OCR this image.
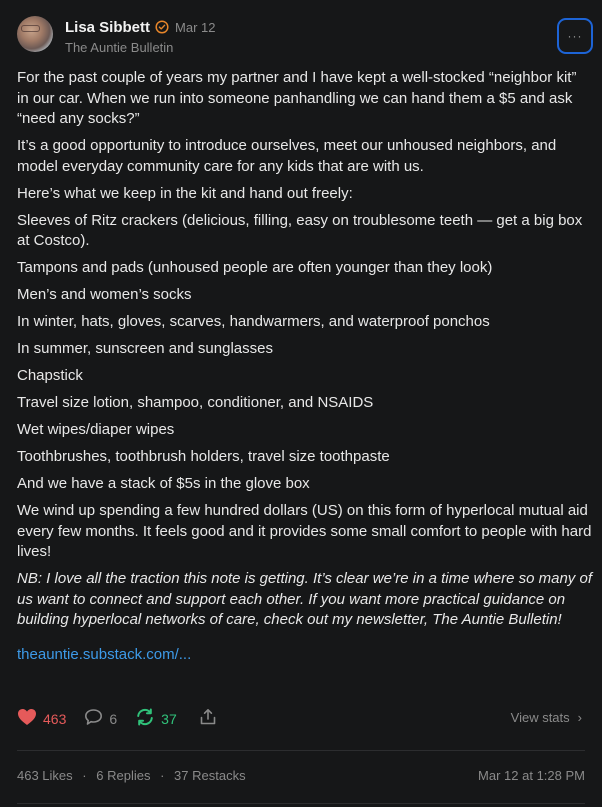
Lisa Sibbett Mar 12
The Auntie Bulletin
···

For the past couple of years my partner and I have kept a well-stocked “neighbor kit” in our car. When we run into someone panhandling we can hand them a $5 and ask “need any socks?”

It’s a good opportunity to introduce ourselves, meet our unhoused neighbors, and model everyday community care for any kids that are with us.

Here’s what we keep in the kit and hand out freely:

Sleeves of Ritz crackers (delicious, filling, easy on troublesome teeth — get a big box at Costco).

Tampons and pads (unhoused people are often younger than they look)

Men’s and women’s socks

In winter, hats, gloves, scarves, handwarmers, and waterproof ponchos

In summer, sunscreen and sunglasses

Chapstick

Travel size lotion, shampoo, conditioner, and NSAIDS

Wet wipes/diaper wipes

Toothbrushes, toothbrush holders, travel size toothpaste

And we have a stack of $5s in the glove box

We wind up spending a few hundred dollars (US) on this form of hyperlocal mutual aid every few months. It feels good and it provides some small comfort to people with hard lives!

NB: I love all the traction this note is getting. It’s clear we’re in a time where so many of us want to connect and support each other. If you want more practical guidance on building hyperlocal networks of care, check out my newsletter, The Auntie Bulletin!

theauntie.substack.com/...
463	6	37	View stats ›
463 Likes · 6 Replies · 37 Restacks	Mar 12 at 1:28 PM
